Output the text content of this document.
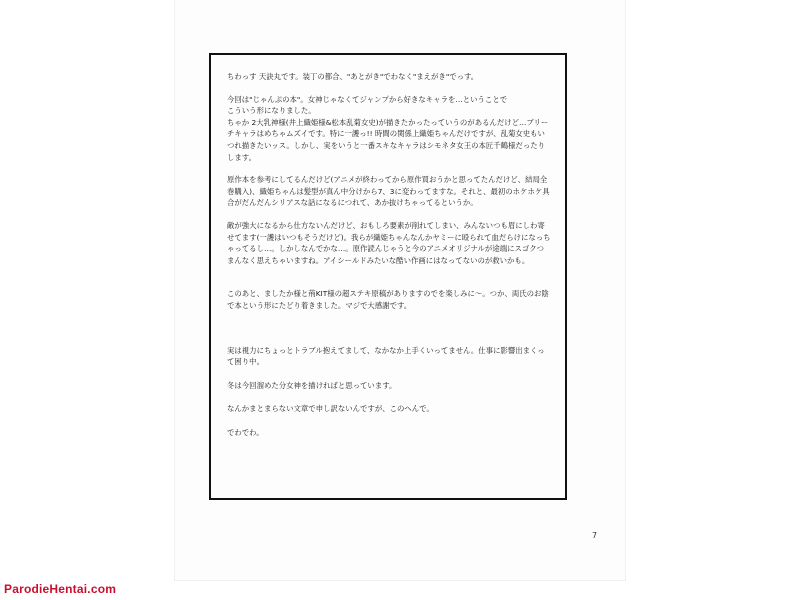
ちわっす 天訣丸です。装丁の都合、"あとがき"でわなく"まえがき"でっす。

今回は"じゃんぷの本"。女神じゃなくてジャンプから好きなキャラを…ということで
こういう形になりました。
ちゃか 2大乳神様(井上織姫様&松本乱菊女史)が描きたかったっていうのがあるんだけど…ブリーチキャラはめちゃムズイです。特に一護っ!! 時間の関係上織姫ちゃんだけですが、乱菊女史もいつれ描きたいッス。しかし、実をいうと一番スキなキャラはシモネタ女王の本匠千鶴様だったりします。

原作本を参考にしてるんだけど(アニメが終わってから原作買おうかと思ってたんだけど、結局全巻購入)、織姫ちゃんは髪型が真ん中分けから7、3に変わってますな。それと、最初のホケホケ具合がだんだんシリアスな話になるにつれて、あか抜けちゃってるというか。

敵が強大になるから仕方ないんだけど、おもしろ要素が削れてしまい、みんないつも眉にしわ寄せてます(一護はいつもそうだけど)。我らが織姫ちゃんなんかヤミーに殴られて血だらけになっちゃってるし…。しかしなんでかな…。原作読んじゃうと今のアニメオリジナルが途端にスゴクつまんなく思えちゃいますね。アイシールドみたいな酷い作画にはなってないのが救いかも。

このあと、ましたか様と荊KIT様の超ステキ原稿がありますのでを楽しみに～。つか、両氏のお陰で本という形にたどり着きました。マジで大感謝です。

実は視力にちょっとトラブル抱えてまして、なかなか上手くいってません。仕事に影響出まくって困り中。

冬は今回溜めた分女神を描ければと思っています。

なんかまとまらない文章で申し訳ないんですが、このへんで。

でわでわ。

7
ParodieHentai.com
